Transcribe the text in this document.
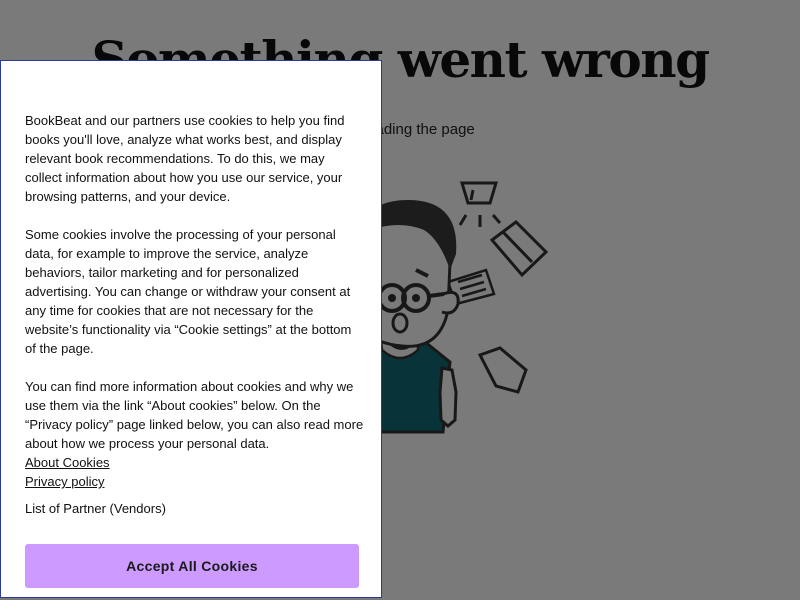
BookBeat and our partners use cookies to help you find books you'll love, analyze what works best, and display relevant book recommendations. To do this, we may collect information about how you use our service, your browsing patterns, and your device.

Some cookies involve the processing of your personal data, for example to improve the service, analyze behaviors, tailor marketing and for personalized advertising. You can change or withdraw your consent at any time for cookies that are not necessary for the website’s functionality via “Cookie settings” at the bottom of the page.

You can find more information about cookies and why we use them via the link “About cookies” below. On the “Privacy policy” page linked below, you can also read more about how we process your personal data.

About Cookies
Privacy policy
List of Partner (Vendors)
Accept All Cookies
